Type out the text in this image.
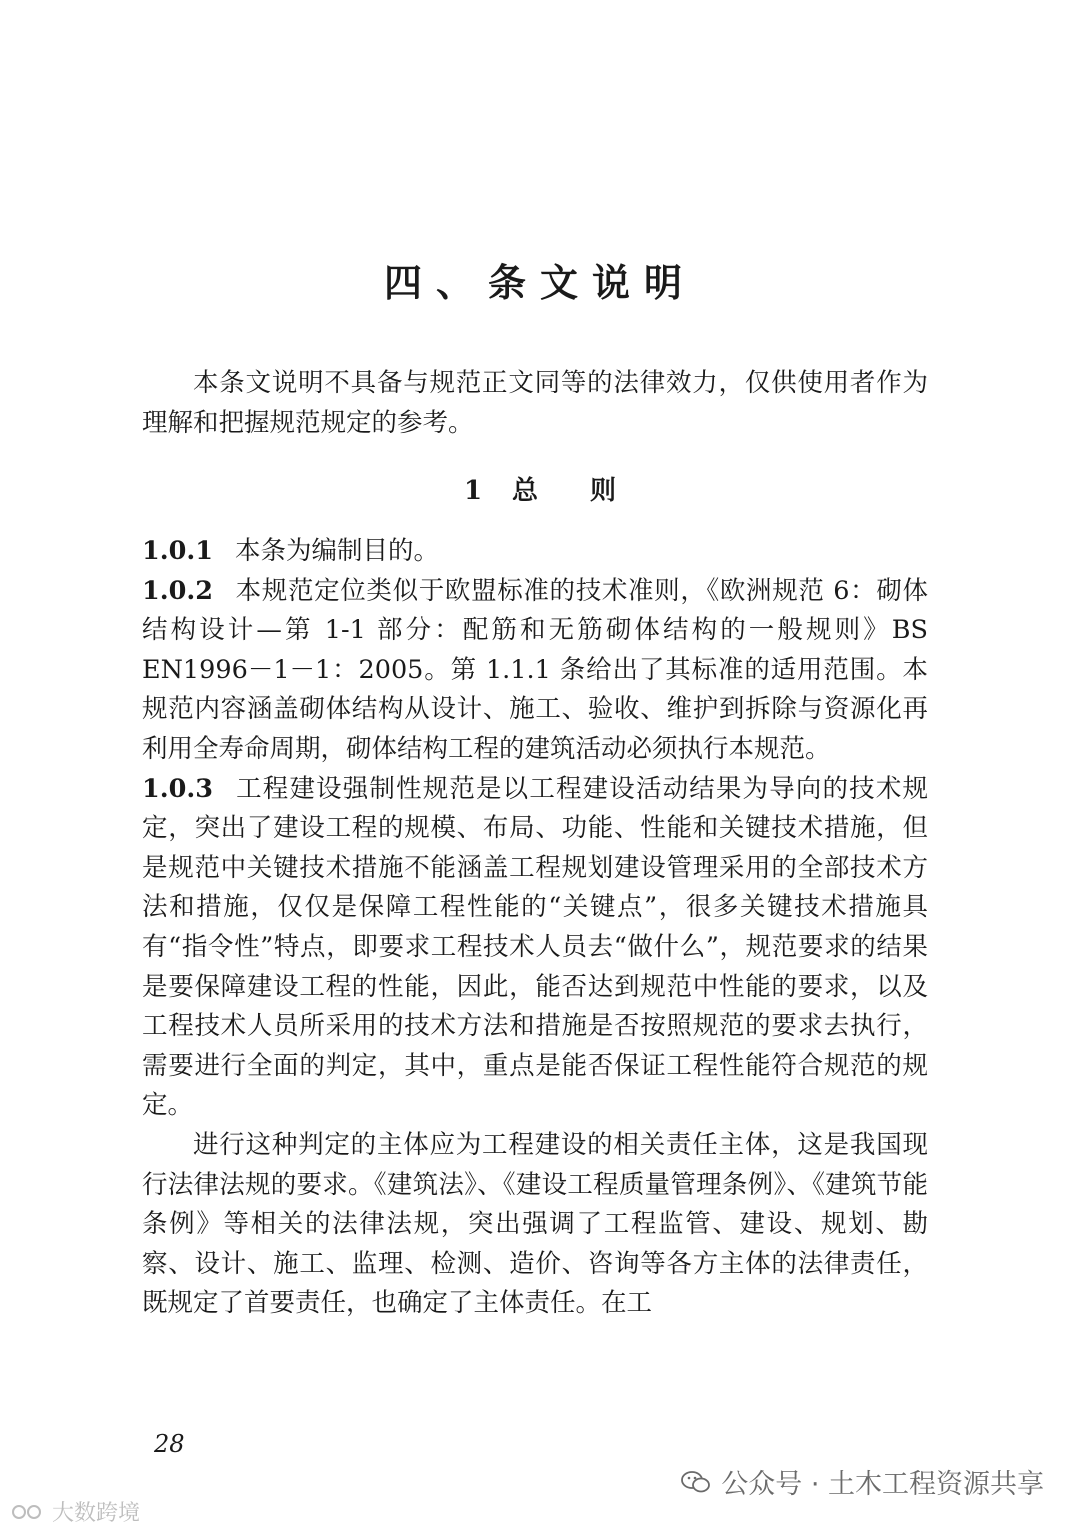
四、条文说明
本条文说明不具备与规范正文同等的法律效力，仅供使用者作为理解和把握规范规定的参考。
1 总 则

1.0.1 本条为编制目的。

1.0.2 本规范定位类似于欧盟标准的技术准则，《欧洲规范 6：砌体结构设计—第 1-1 部分：配筋和无筋砌体结构的一般规则》BS EN1996－1－1：2005。第 1.1.1 条给出了其标准的适用范围。本规范内容涵盖砌体结构从设计、施工、验收、维护到拆除与资源化再利用全寿命周期，砌体结构工程的建筑活动必须执行本规范。

1.0.3 工程建设强制性规范是以工程建设活动结果为导向的技术规定，突出了建设工程的规模、布局、功能、性能和关键技术措施，但是规范中关键技术措施不能涵盖工程规划建设管理采用的全部技术方法和措施，仅仅是保障工程性能的“关键点”，很多关键技术措施具有“指令性”特点，即要求工程技术人员去“做什么”，规范要求的结果是要保障建设工程的性能，因此，能否达到规范中性能的要求，以及工程技术人员所采用的技术方法和措施是否按照规范的要求去执行，需要进行全面的判定，其中，重点是能否保证工程性能符合规范的规定。

进行这种判定的主体应为工程建设的相关责任主体，这是我国现行法律法规的要求。《建筑法》、《建设工程质量管理条例》、《建筑节能条例》等相关的法律法规，突出强调了工程监管、建设、规划、勘察、设计、施工、监理、检测、造价、咨询等各方主体的法律责任，既规定了首要责任，也确定了主体责任。在工

28
公众号 · 土木工程资源共享
大数跨境
